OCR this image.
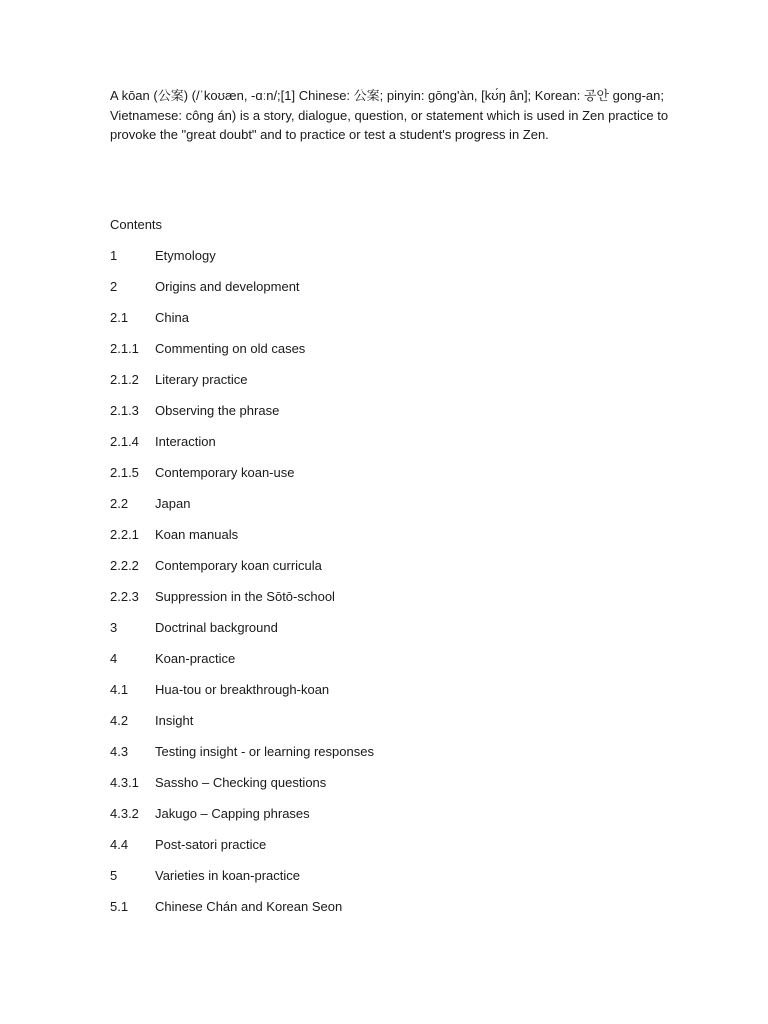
A kōan (公案) (/ˈkoʊæn, -ɑːn/;[1] Chinese: 公案; pinyin: gōng'àn, [kʊ́ŋ ân]; Korean: 공안 gong-an; Vietnamese: công án) is a story, dialogue, question, or statement which is used in Zen practice to provoke the "great doubt" and to practice or test a student's progress in Zen.

Contents

1	Etymology
2	Origins and development
2.1	China
2.1.1	Commenting on old cases
2.1.2	Literary practice
2.1.3	Observing the phrase
2.1.4	Interaction
2.1.5	Contemporary koan-use
2.2	Japan
2.2.1	Koan manuals
2.2.2	Contemporary koan curricula
2.2.3	Suppression in the Sōtō-school
3	Doctrinal background
4	Koan-practice
4.1	Hua-tou or breakthrough-koan
4.2	Insight
4.3	Testing insight - or learning responses
4.3.1	Sassho – Checking questions
4.3.2	Jakugo – Capping phrases
4.4	Post-satori practice
5	Varieties in koan-practice
5.1	Chinese Chán and Korean Seon
